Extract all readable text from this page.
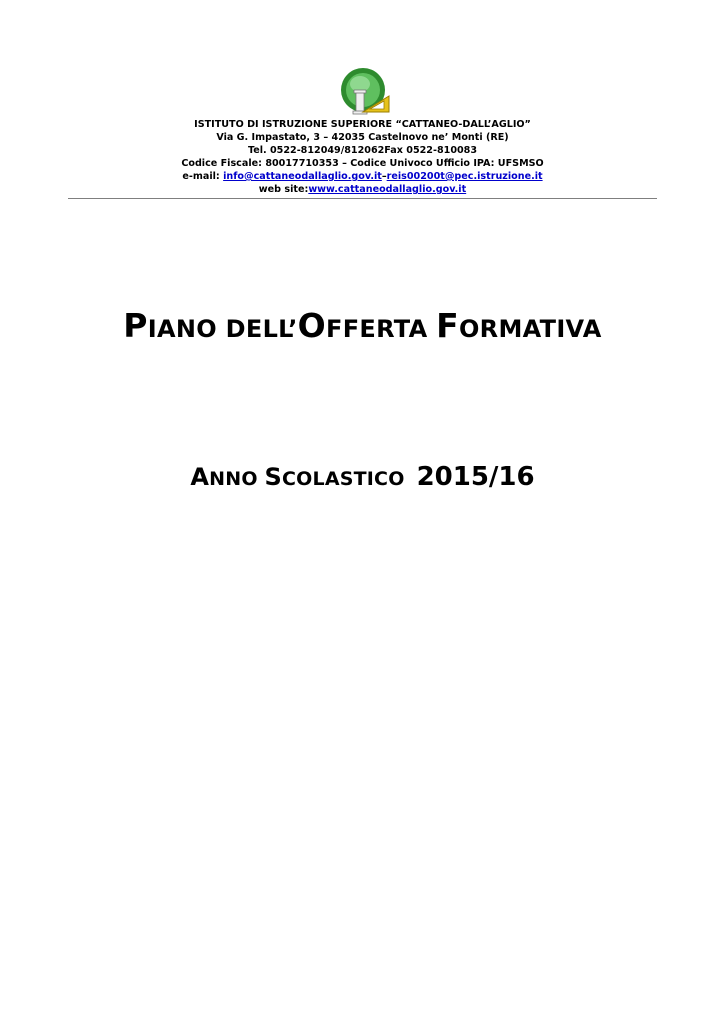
ISTITUTO DI ISTRUZIONE SUPERIORE “CATTANEO-DALL’AGLIO”
Via G. Impastato, 3 – 42035 Castelnovo ne’ Monti (RE)
Tel. 0522-812049/812062Fax 0522-810083
Codice Fiscale: 80017710353 – Codice Univoco Ufficio IPA: UFSMSO
e-mail: info@cattaneodallaglio.gov.it–reis00200t@pec.istruzione.it
web site:www.cattaneodallaglio.gov.it
PIANO DELL’OFFERTA FORMATIVA
ANNO SCOLASTICO 2015/16
